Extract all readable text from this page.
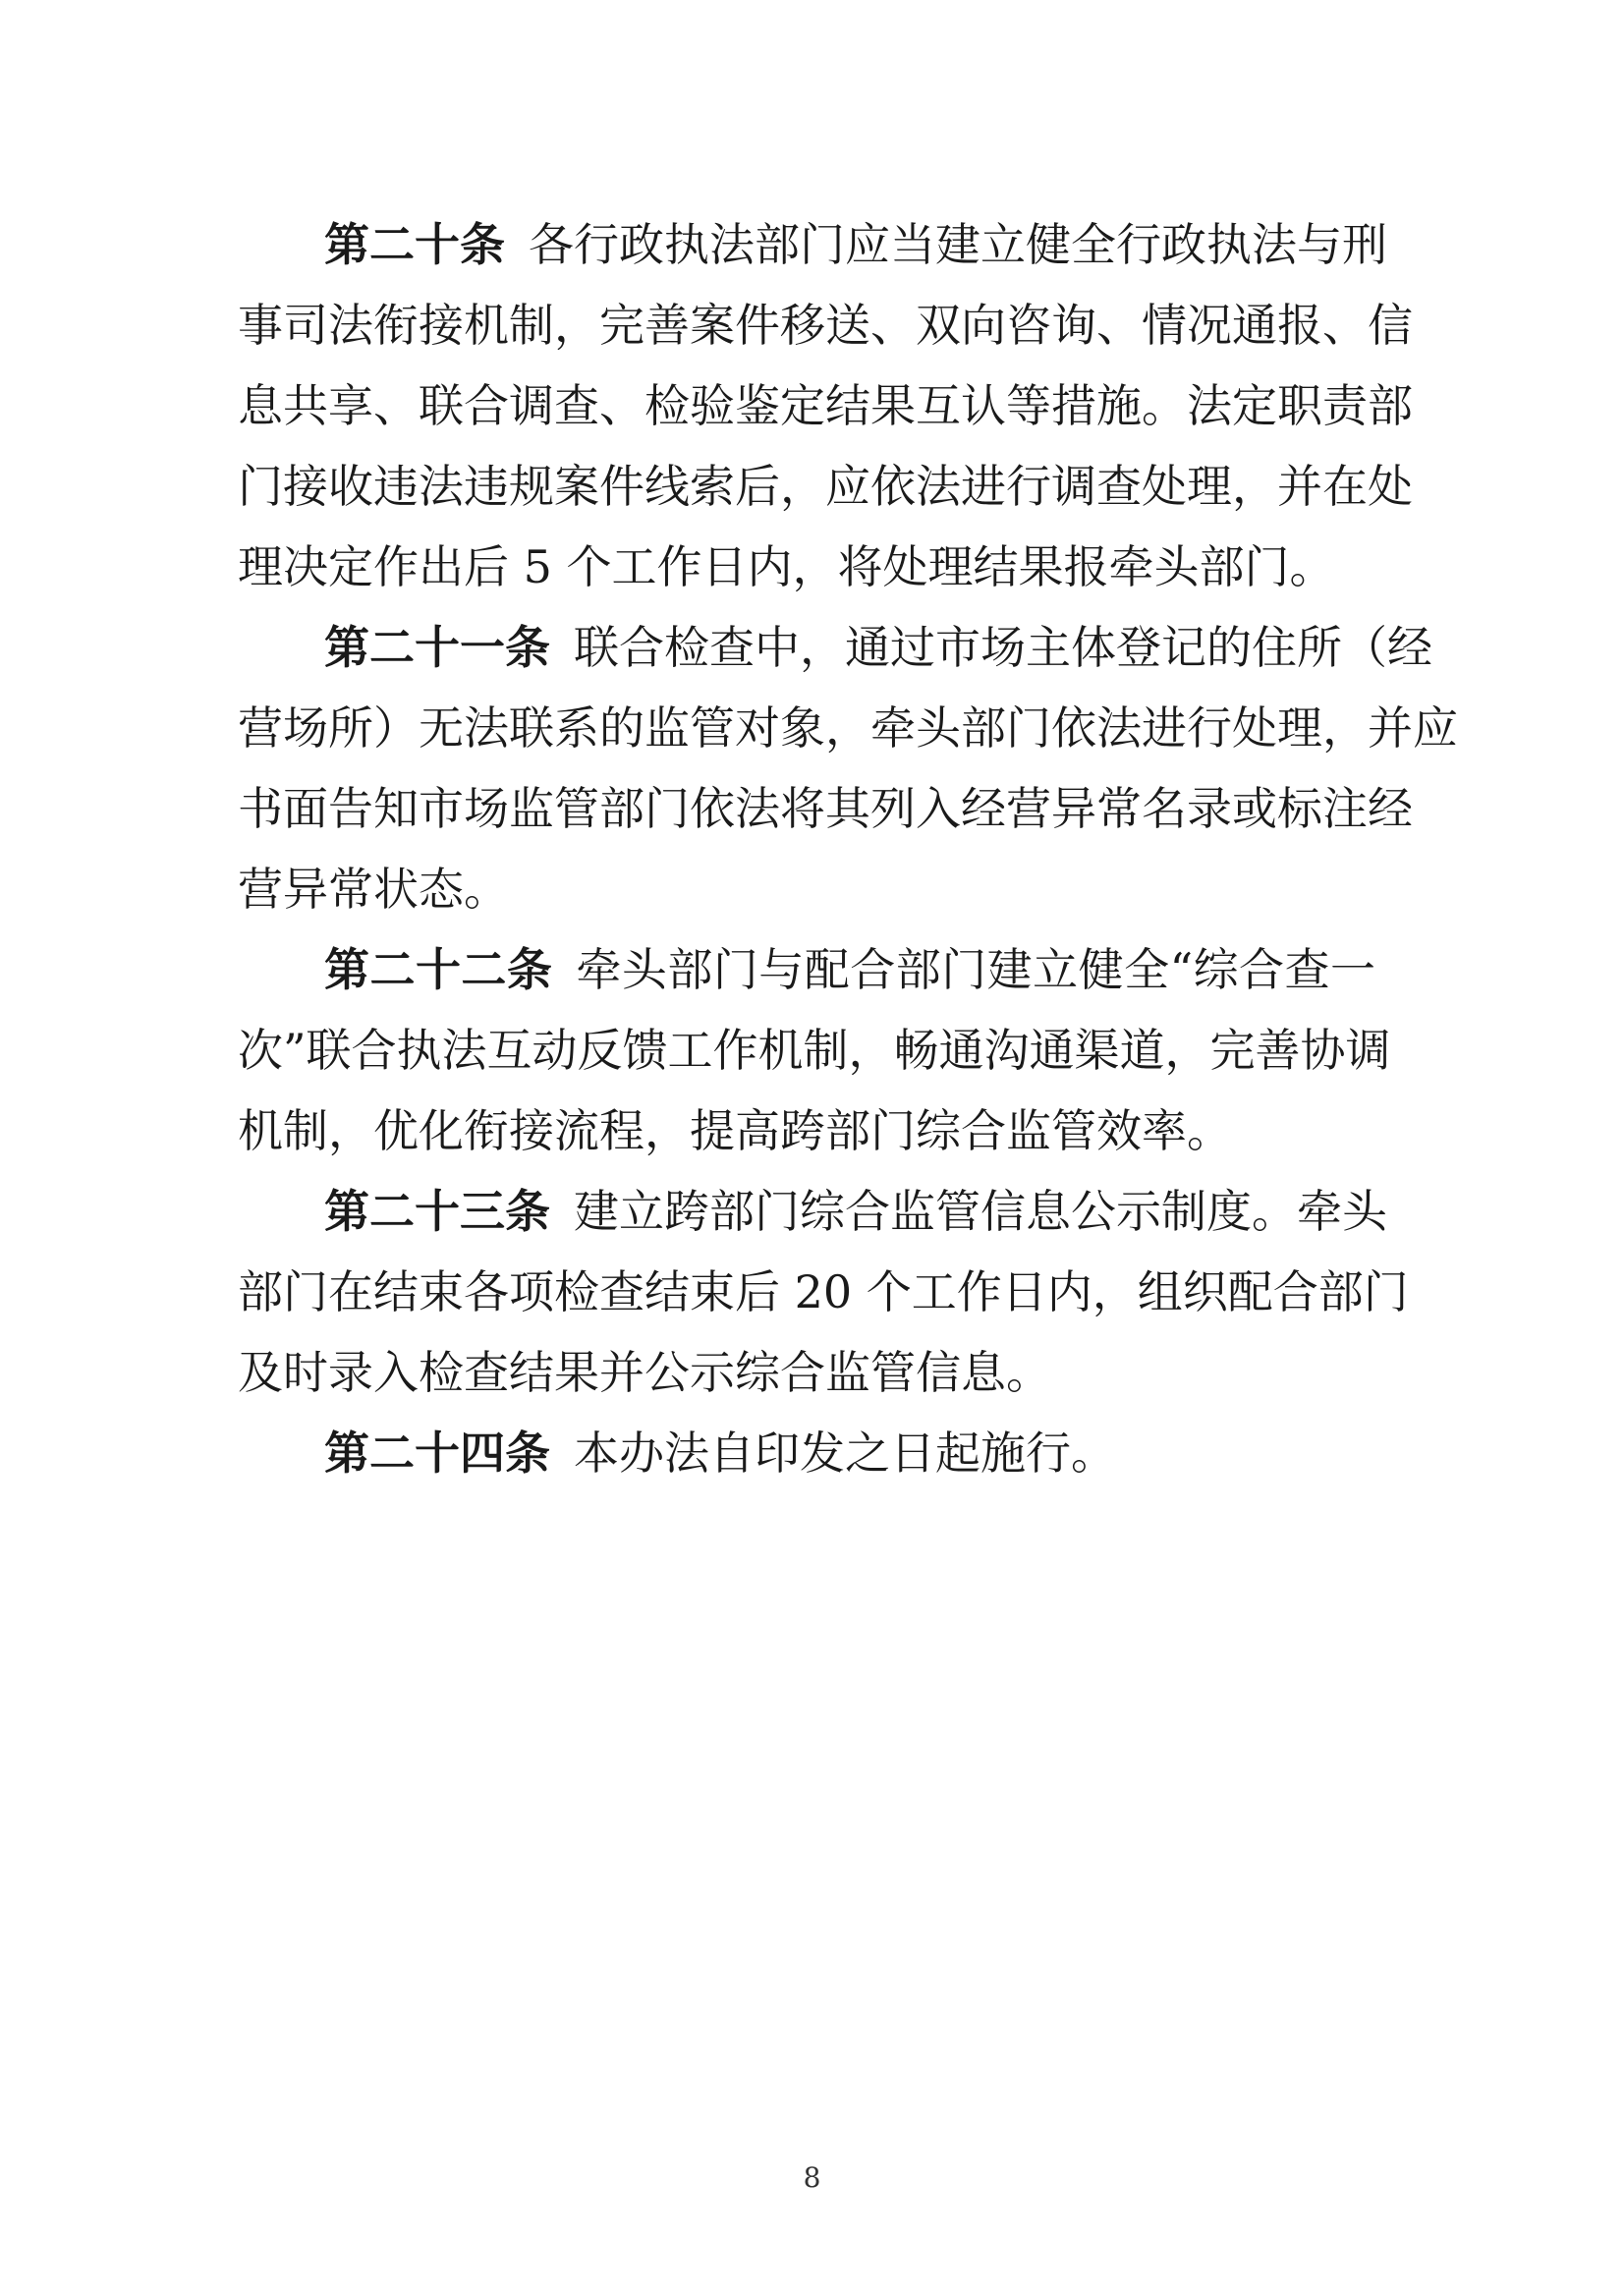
第二十条 各行政执法部门应当建立健全行政执法与刑
事司法衔接机制，完善案件移送、双向咨询、情况通报、信
息共享、联合调查、检验鉴定结果互认等措施。法定职责部
门接收违法违规案件线索后，应依法进行调查处理，并在处
理决定作出后 5 个工作日内，将处理结果报牵头部门。
第二十一条 联合检查中，通过市场主体登记的住所（经
营场所）无法联系的监管对象，牵头部门依法进行处理，并应
书面告知市场监管部门依法将其列入经营异常名录或标注经
营异常状态。
第二十二条 牵头部门与配合部门建立健全“综合查一
次”联合执法互动反馈工作机制，畅通沟通渠道，完善协调
机制，优化衔接流程，提高跨部门综合监管效率。
第二十三条 建立跨部门综合监管信息公示制度。牵头
部门在结束各项检查结束后 20 个工作日内，组织配合部门
及时录入检查结果并公示综合监管信息。
第二十四条 本办法自印发之日起施行。
8
